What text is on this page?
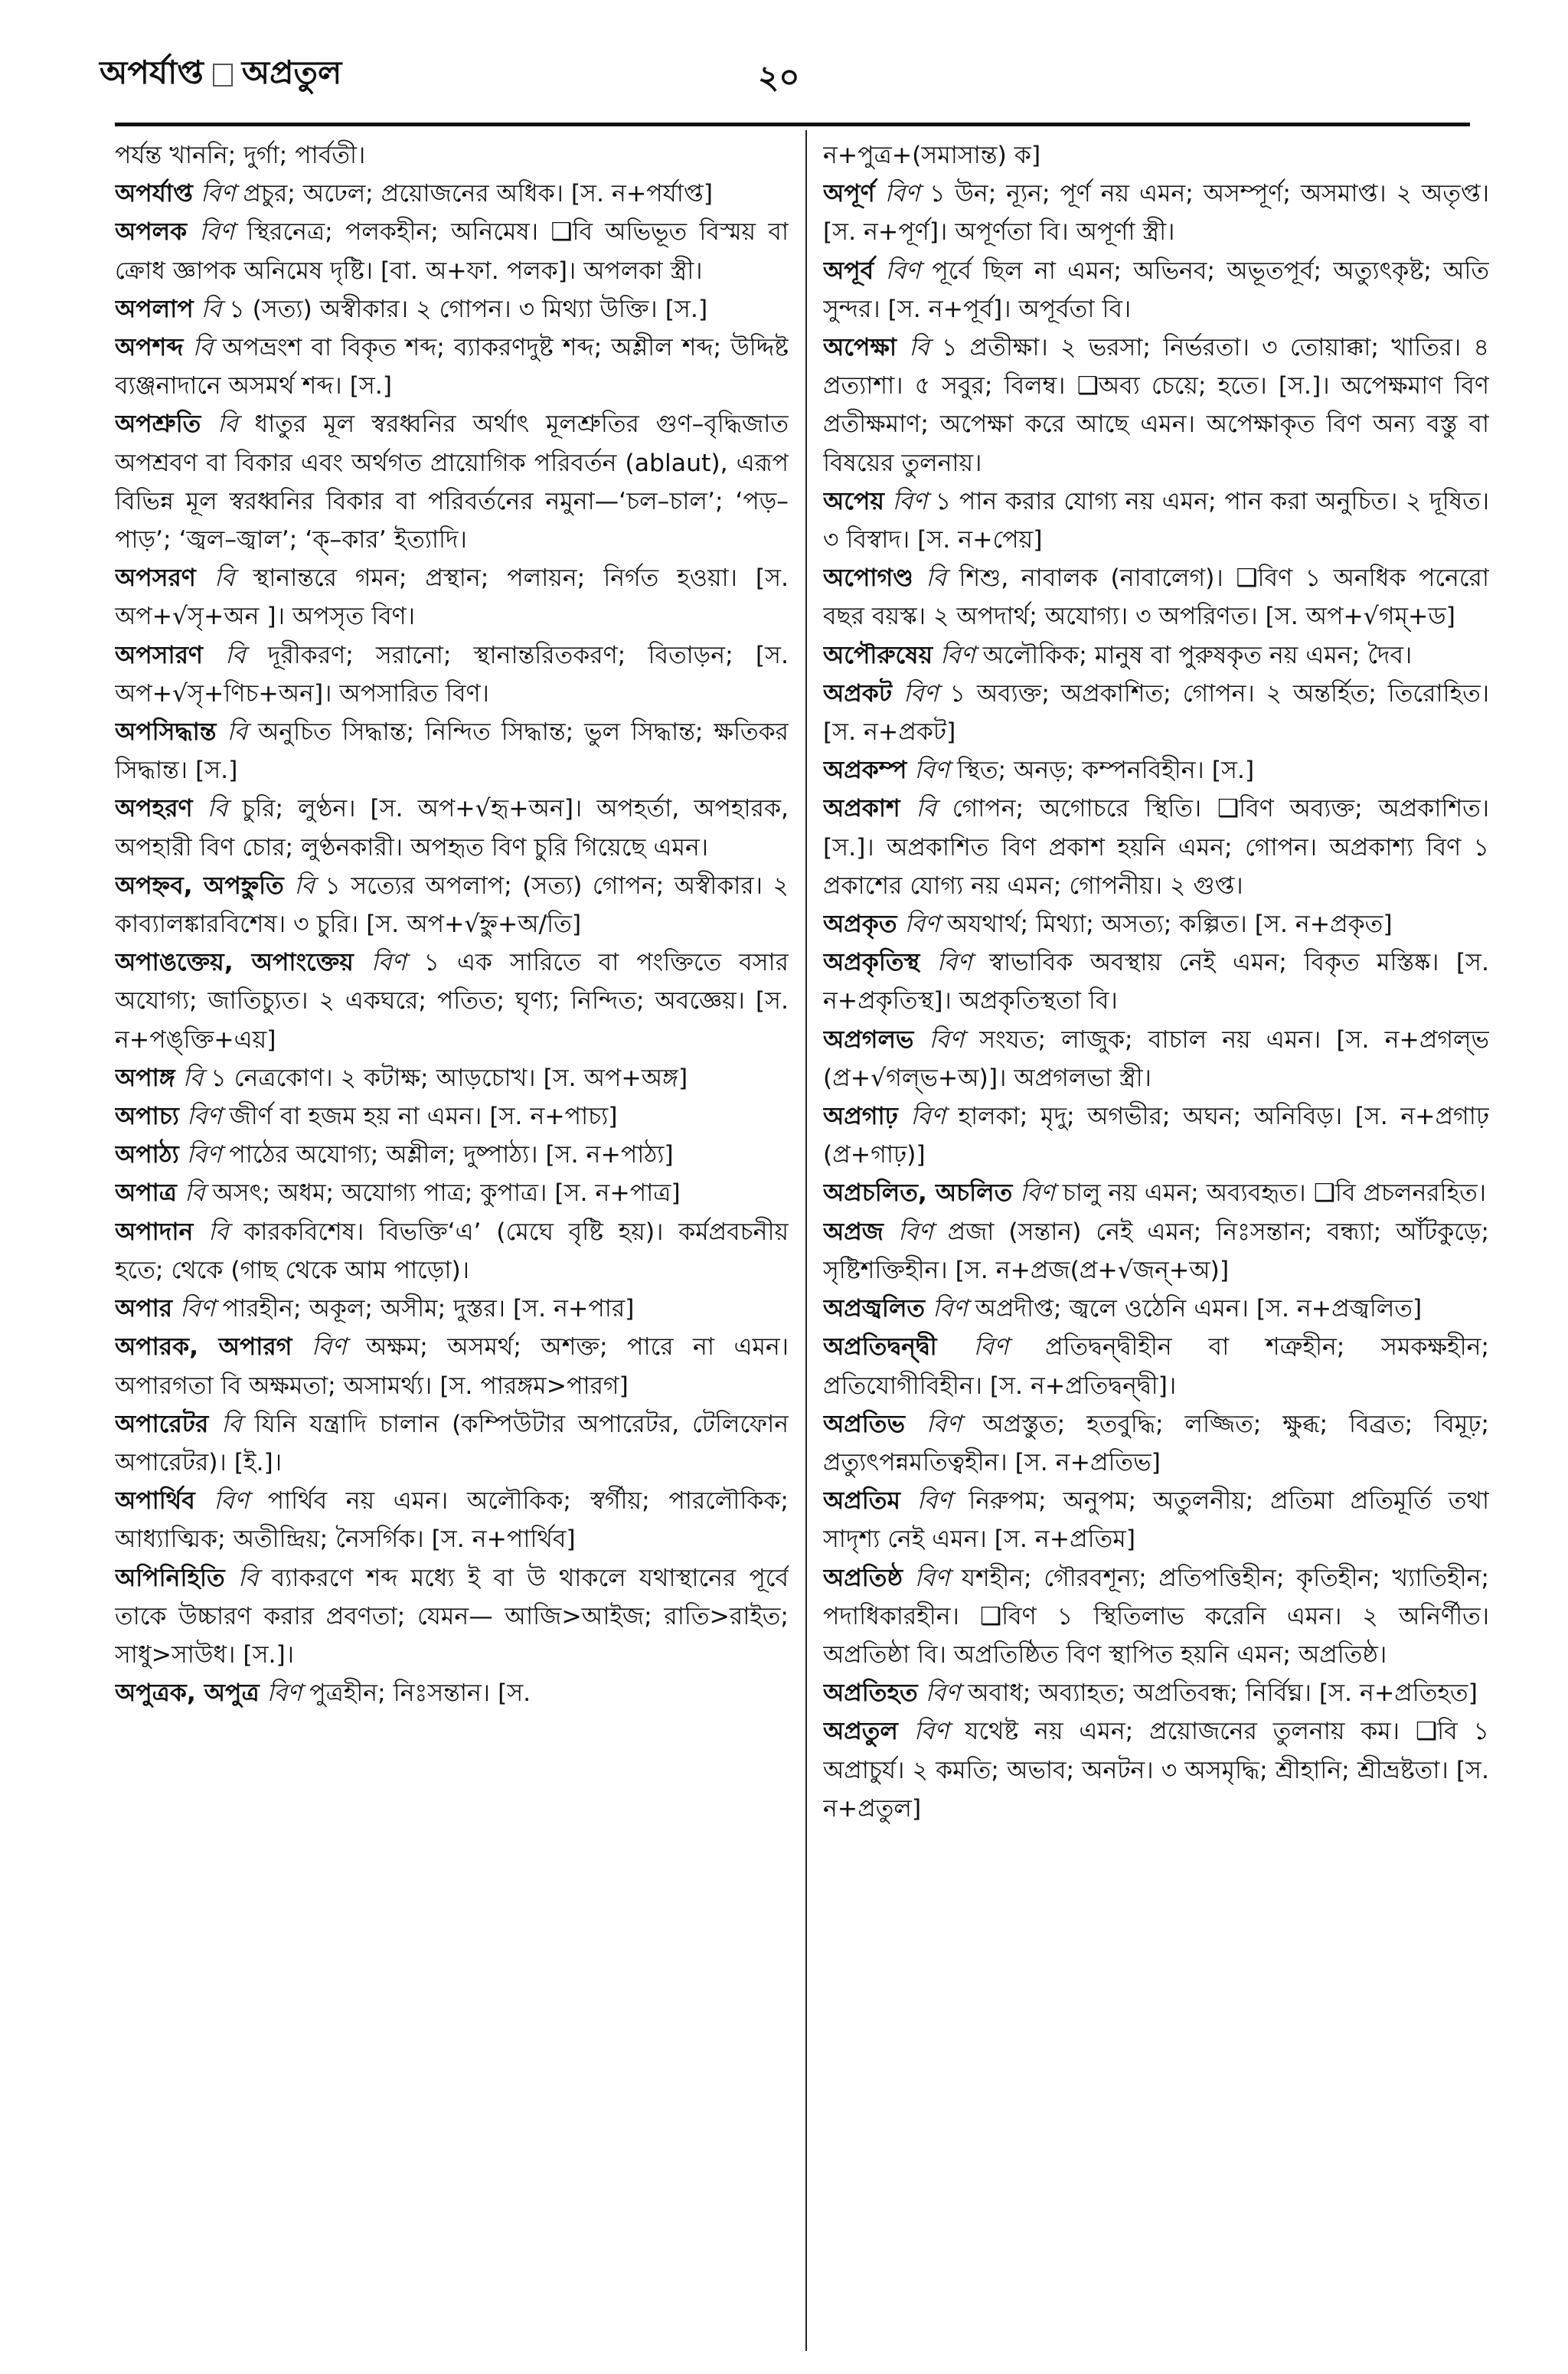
অপর্যাপ্ত অপ্রতুল	২০

পর্যন্ত খাননি; দুর্গা; পার্বতী।

অপর্যাপ্ত বিণ প্রচুর; অঢেল; প্রয়োজনের অধিক। [স. ন+পর্যাপ্ত]

অপলক বিণ স্থিরনেত্র; পলকহীন; অনিমেষ। ❑বি অভিভূত বিস্ময় বা ক্রোধ জ্ঞাপক অনিমেষ দৃষ্টি। [বা. অ+ফা. পলক]। অপলকা স্ত্রী।

অপলাপ বি ১ (সত্য) অস্বীকার। ২ গোপন। ৩ মিথ্যা উক্তি। [স.]

অপশব্দ বি অপভ্রংশ বা বিকৃত শব্দ; ব্যাকরণদুষ্ট শব্দ; অশ্লীল শব্দ; উদ্দিষ্ট ব্যঞ্জনাদানে অসমর্থ শব্দ। [স.]

অপশ্রুতি বি ধাতুর মূল স্বরধ্বনির অর্থাৎ মূলশ্রুতির গুণ–বৃদ্ধিজাত অপশ্রবণ বা বিকার এবং অর্থগত প্রায়োগিক পরিবর্তন (ablaut), এরূপ বিভিন্ন মূল স্বরধ্বনির বিকার বা পরিবর্তনের নমুনা—‘চল–চাল’; ‘পড়–পাড়’; ‘জ্বল–জ্বাল’; ‘ক্–কার’ ইত্যাদি।

অপসরণ বি স্থানান্তরে গমন; প্রস্থান; পলায়ন; নির্গত হওয়া। [স. অপ+√সৃ+অন ]। অপসৃত বিণ।

অপসারণ বি দূরীকরণ; সরানো; স্থানান্তরিতকরণ; বিতাড়ন; [স. অপ+√সৃ+ণিচ+অন]। অপসারিত বিণ।

অপসিদ্ধান্ত বি অনুচিত সিদ্ধান্ত; নিন্দিত সিদ্ধান্ত; ভুল সিদ্ধান্ত; ক্ষতিকর সিদ্ধান্ত। [স.]

অপহরণ বি চুরি; লুণ্ঠন। [স. অপ+√হৃ+অন]। অপহর্তা, অপহারক, অপহারী বিণ চোর; লুণ্ঠনকারী। অপহৃত বিণ চুরি গিয়েছে এমন।

অপহ্নব, অপহ্নুতি বি ১ সত্যের অপলাপ; (সত্য) গোপন; অস্বীকার। ২ কাব্যালঙ্কারবিশেষ। ৩ চুরি। [স. অপ+√হ্নু+অ/তি]

অপাঙক্তেয়, অপাংক্তেয় বিণ ১ এক সারিতে বা পংক্তিতে বসার অযোগ্য; জাতিচ্যুত। ২ একঘরে; পতিত; ঘৃণ্য; নিন্দিত; অবজ্ঞেয়। [স. ন+পঙ্‌ক্তি+এয়]

অপাঙ্গ বি ১ নেত্রকোণ। ২ কটাক্ষ; আড়চোখ। [স. অপ+অঙ্গ]

অপাচ্য বিণ জীর্ণ বা হজম হয় না এমন। [স. ন+পাচ্য]

অপাঠ্য বিণ পাঠের অযোগ্য; অশ্লীল; দুষ্পাঠ্য। [স. ন+পাঠ্য]

অপাত্র বি অসৎ; অধম; অযোগ্য পাত্র; কুপাত্র। [স. ন+পাত্র]

অপাদান বি কারকবিশেষ। বিভক্তি‘এ’ (মেঘে বৃষ্টি হয়)। কর্মপ্রবচনীয় হতে; থেকে (গাছ থেকে আম পাড়ো)।

অপার বিণ পারহীন; অকূল; অসীম; দুস্তর। [স. ন+পার]

অপারক, অপারগ বিণ অক্ষম; অসমর্থ; অশক্ত; পারে না এমন। অপারগতা বি অক্ষমতা; অসামর্থ্য। [স. পারঙ্গম>পারগ]

অপারেটর বি যিনি যন্ত্রাদি চালান (কম্পিউটার অপারেটর, টেলিফোন অপারেটর)। [ই.]।

অপার্থিব বিণ পার্থিব নয় এমন। অলৌকিক; স্বর্গীয়; পারলৌকিক; আধ্যাত্মিক; অতীন্দ্রিয়; নৈসর্গিক। [স. ন+পার্থিব]

অপিনিহিতি বি ব্যাকরণে শব্দ মধ্যে ই বা উ থাকলে যথাস্থানের পূর্বে তাকে উচ্চারণ করার প্রবণতা; যেমন— আজি>আইজ; রাতি>রাইত; সাধু>সাউধ। [স.]।

অপুত্রক, অপুত্র বিণ পুত্রহীন; নিঃসন্তান। [স.

ন+পুত্র+(সমাসান্ত) ক]

অপূর্ণ বিণ ১ উন; ন্যূন; পূর্ণ নয় এমন; অসম্পূর্ণ; অসমাপ্ত। ২ অতৃপ্ত। [স. ন+পূর্ণ]। অপূর্ণতা বি। অপূর্ণা স্ত্রী।

অপূর্ব বিণ পূর্বে ছিল না এমন; অভিনব; অভূতপূর্ব; অত্যুৎকৃষ্ট; অতি সুন্দর। [স. ন+পূর্ব]। অপূর্বতা বি।

অপেক্ষা বি ১ প্রতীক্ষা। ২ ভরসা; নির্ভরতা। ৩ তোয়াক্কা; খাতির। ৪ প্রত্যাশা। ৫ সবুর; বিলম্ব। ❑অব্য চেয়ে; হতে। [স.]। অপেক্ষমাণ বিণ প্রতীক্ষমাণ; অপেক্ষা করে আছে এমন। অপেক্ষাকৃত বিণ অন্য বস্তু বা বিষয়ের তুলনায়।

অপেয় বিণ ১ পান করার যোগ্য নয় এমন; পান করা অনুচিত। ২ দূষিত। ৩ বিস্বাদ। [স. ন+পেয়]

অপোগণ্ড বি শিশু, নাবালক (নাবালেগ)। ❑বিণ ১ অনধিক পনেরো বছর বয়স্ক। ২ অপদার্থ; অযোগ্য। ৩ অপরিণত। [স. অপ+√গম্+ড]

অপৌরুষেয় বিণ অলৌকিক; মানুষ বা পুরুষকৃত নয় এমন; দৈব।

অপ্রকট বিণ ১ অব্যক্ত; অপ্রকাশিত; গোপন। ২ অন্তর্হিত; তিরোহিত। [স. ন+প্রকট]

অপ্রকম্প বিণ স্থিত; অনড়; কম্পনবিহীন। [স.]

অপ্রকাশ বি গোপন; অগোচরে স্থিতি। ❑বিণ অব্যক্ত; অপ্রকাশিত। [স.]। অপ্রকাশিত বিণ প্রকাশ হয়নি এমন; গোপন। অপ্রকাশ্য বিণ ১ প্রকাশের যোগ্য নয় এমন; গোপনীয়। ২ গুপ্ত।

অপ্রকৃত বিণ অযথার্থ; মিথ্যা; অসত্য; কল্পিত। [স. ন+প্রকৃত]

অপ্রকৃতিস্থ বিণ স্বাভাবিক অবস্থায় নেই এমন; বিকৃত মস্তিষ্ক। [স. ন+প্রকৃতিস্থ]। অপ্রকৃতিস্থতা বি।

অপ্রগলভ বিণ সংযত; লাজুক; বাচাল নয় এমন। [স. ন+প্রগল্‌ভ (প্র+√গল্‌ভ+অ)]। অপ্রগলভা স্ত্রী।

অপ্রগাঢ় বিণ হালকা; মৃদু; অগভীর; অঘন; অনিবিড়। [স. ন+প্রগাঢ় (প্র+গাঢ়)]

অপ্রচলিত, অচলিত বিণ চালু নয় এমন; অব্যবহৃত। ❑বি প্রচলনরহিত।

অপ্রজ বিণ প্রজা (সন্তান) নেই এমন; নিঃসন্তান; বন্ধ্যা; আঁটকুড়ে; সৃষ্টিশক্তিহীন। [স. ন+প্রজ(প্র+√জন্‌+অ)]

অপ্রজ্বলিত বিণ অপ্রদীপ্ত; জ্বলে ওঠেনি এমন। [স. ন+প্রজ্বলিত]

অপ্রতিদ্বন্দ্বী বিণ প্রতিদ্বন্দ্বীহীন বা শত্রুহীন; সমকক্ষহীন; প্রতিযোগীবিহীন। [স. ন+প্রতিদ্বন্দ্বী]।

অপ্রতিভ বিণ অপ্রস্তুত; হতবুদ্ধি; লজ্জিত; ক্ষুব্ধ; বিব্রত; বিমূঢ়; প্রত্যুৎপন্নমতিত্বহীন। [স. ন+প্রতিভ]

অপ্রতিম বিণ নিরুপম; অনুপম; অতুলনীয়; প্রতিমা প্রতিমূর্তি তথা সাদৃশ্য নেই এমন। [স. ন+প্রতিম]

অপ্রতিষ্ঠ বিণ যশহীন; গৌরবশূন্য; প্রতিপত্তিহীন; কৃতিহীন; খ্যাতিহীন; পদাধিকারহীন। ❑বিণ ১ স্থিতিলাভ করেনি এমন। ২ অনির্ণীত। অপ্রতিষ্ঠা বি। অপ্রতিষ্ঠিত বিণ স্থাপিত হয়নি এমন; অপ্রতিষ্ঠ।

অপ্রতিহত বিণ অবাধ; অব্যাহত; অপ্রতিবন্ধ; নির্বিঘ্ন। [স. ন+প্রতিহত]

অপ্রতুল বিণ যথেষ্ট নয় এমন; প্রয়োজনের তুলনায় কম। ❑বি ১ অপ্রাচুর্য। ২ কমতি; অভাব; অনটন। ৩ অসমৃদ্ধি; শ্রীহানি; শ্রীভ্রষ্টতা। [স. ন+প্রতুল]
